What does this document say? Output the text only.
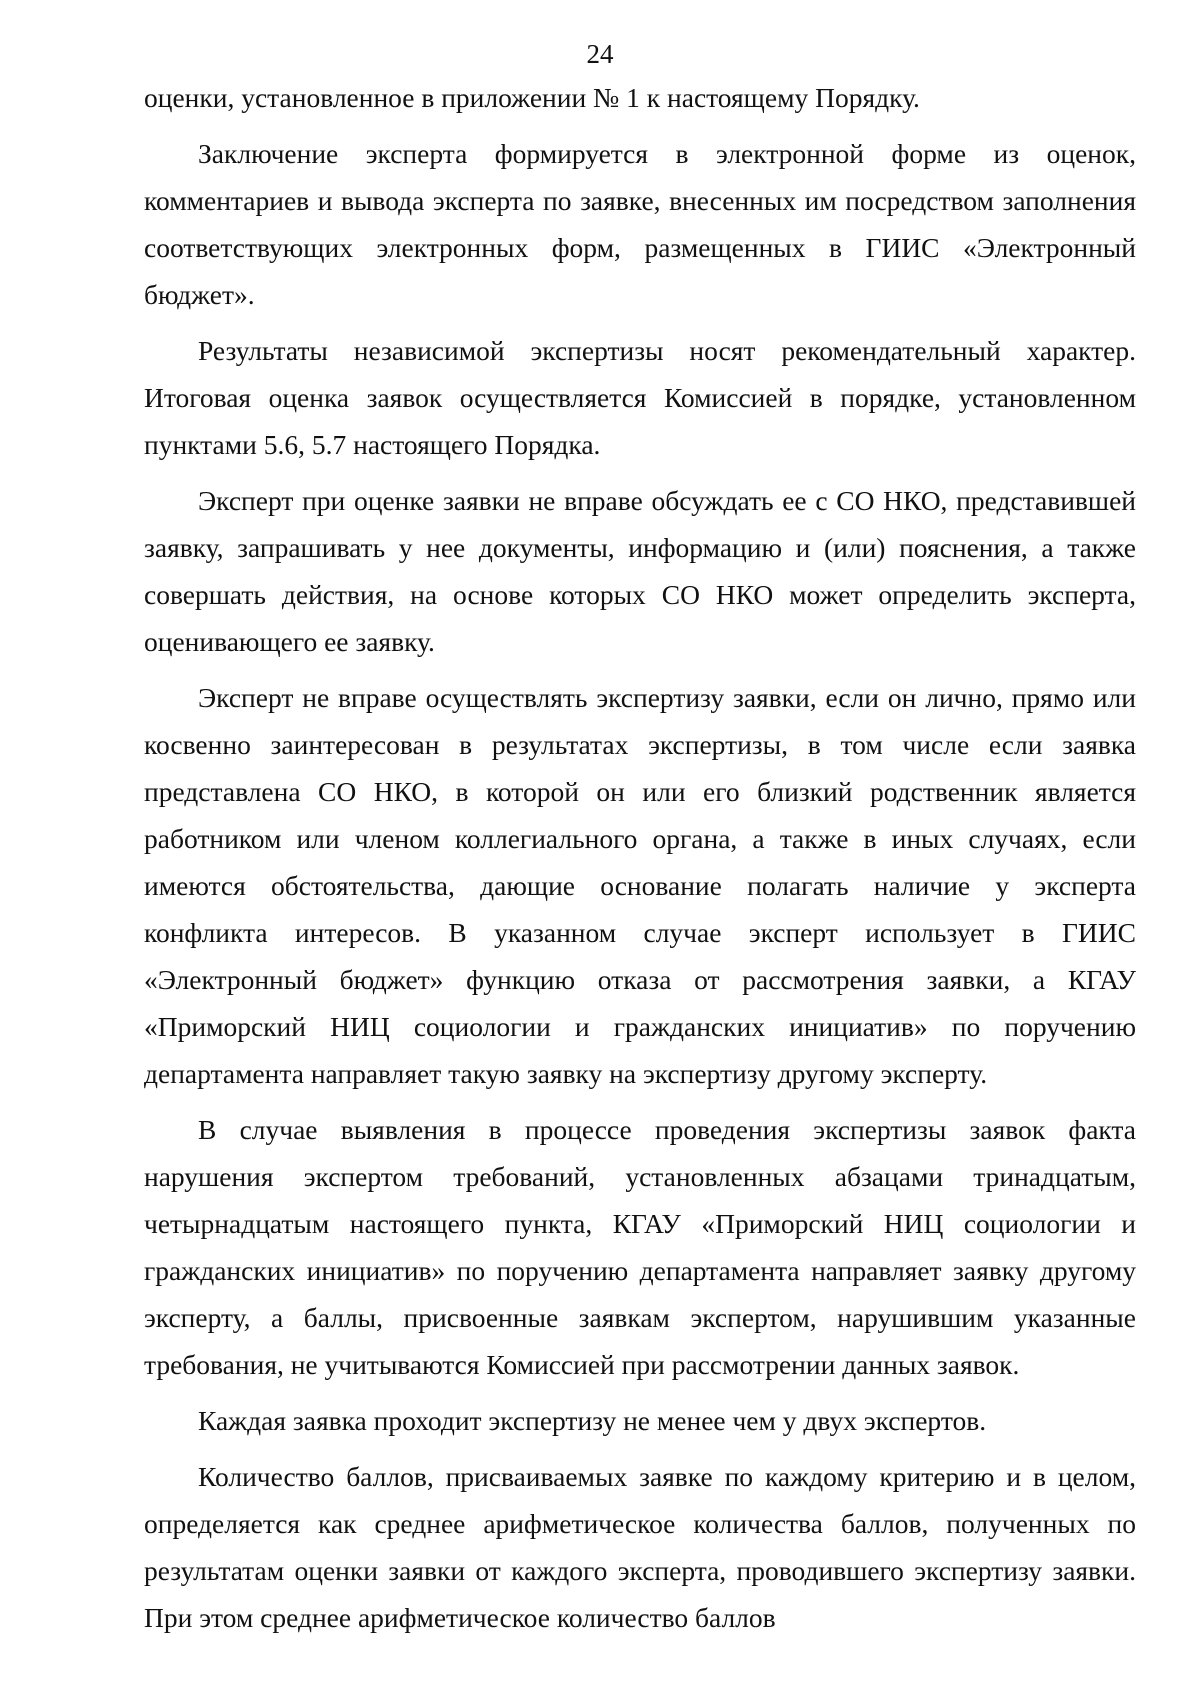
24

оценки, установленное в приложении № 1 к настоящему Порядку.

Заключение эксперта формируется в электронной форме из оценок, комментариев и вывода эксперта по заявке, внесенных им посредством заполнения соответствующих электронных форм, размещенных в ГИИС «Электронный бюджет».

Результаты независимой экспертизы носят рекомендательный характер. Итоговая оценка заявок осуществляется Комиссией в порядке, установленном пунктами 5.6, 5.7 настоящего Порядка.

Эксперт при оценке заявки не вправе обсуждать ее с СО НКО, представившей заявку, запрашивать у нее документы, информацию и (или) пояснения, а также совершать действия, на основе которых СО НКО может определить эксперта, оценивающего ее заявку.

Эксперт не вправе осуществлять экспертизу заявки, если он лично, прямо или косвенно заинтересован в результатах экспертизы, в том числе если заявка представлена СО НКО, в которой он или его близкий родственник является работником или членом коллегиального органа, а также в иных случаях, если имеются обстоятельства, дающие основание полагать наличие у эксперта конфликта интересов. В указанном случае эксперт использует в ГИИС «Электронный бюджет» функцию отказа от рассмотрения заявки, а КГАУ «Приморский НИЦ социологии и гражданских инициатив» по поручению департамента направляет такую заявку на экспертизу другому эксперту.

В случае выявления в процессе проведения экспертизы заявок факта нарушения экспертом требований, установленных абзацами тринадцатым, четырнадцатым настоящего пункта, КГАУ «Приморский НИЦ социологии и гражданских инициатив» по поручению департамента направляет заявку другому эксперту, а баллы, присвоенные заявкам экспертом, нарушившим указанные требования, не учитываются Комиссией при рассмотрении данных заявок.

Каждая заявка проходит экспертизу не менее чем у двух экспертов.

Количество баллов, присваиваемых заявке по каждому критерию и в целом, определяется как среднее арифметическое количества баллов, полученных по результатам оценки заявки от каждого эксперта, проводившего экспертизу заявки. При этом среднее арифметическое количество баллов
